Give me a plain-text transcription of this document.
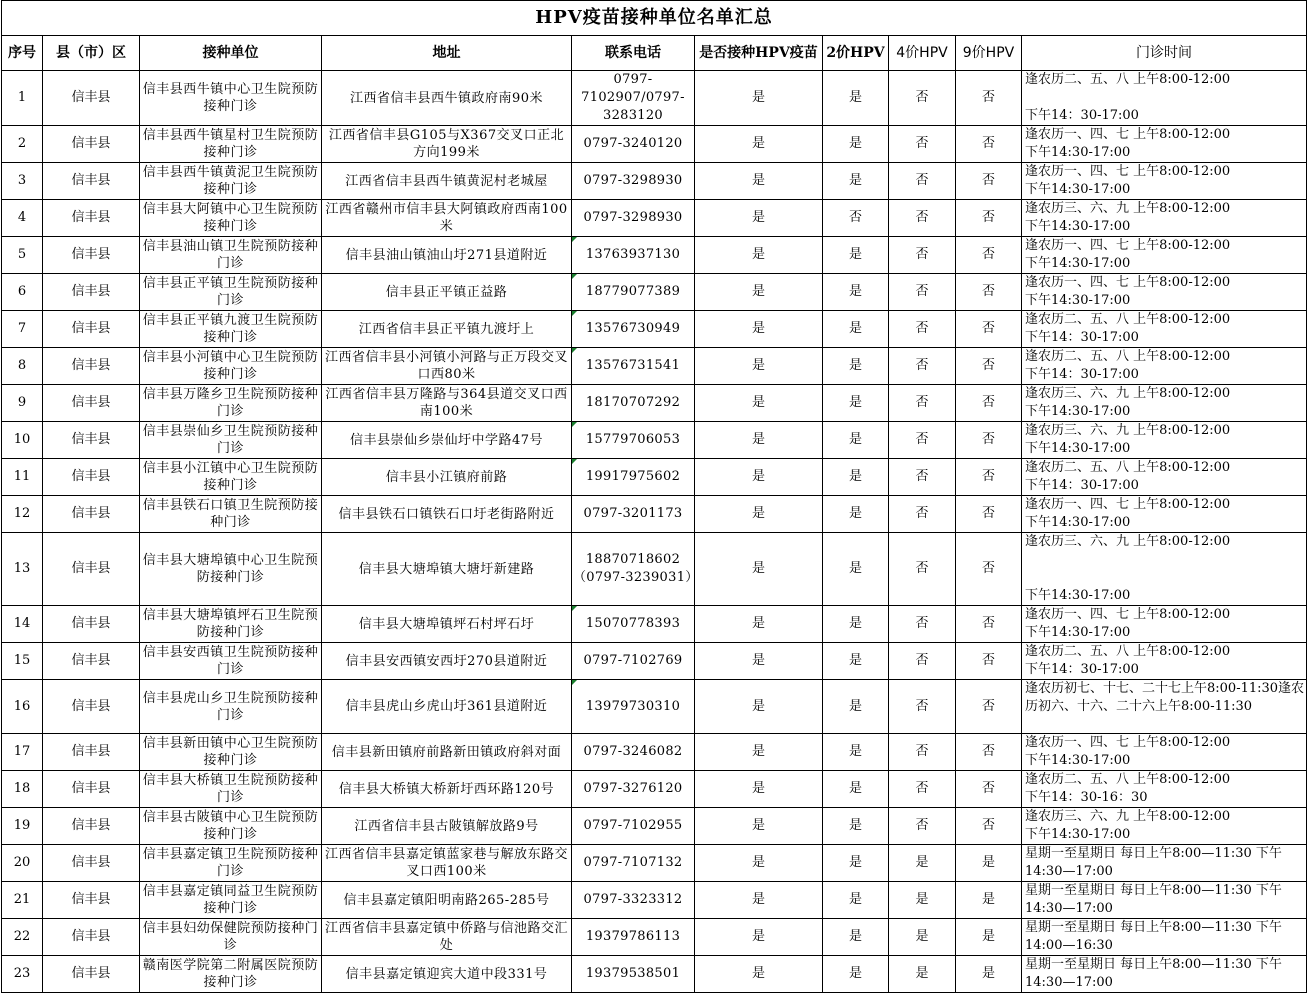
HPV疫苗接种单位名单汇总									
序号	县（市）区	接种单位	地址	联系电话	是否接种HPV疫苗	2价HPV	4价HPV	9价HPV	门诊时间
1	信丰县	信丰县西牛镇中心卫生院预防接种门诊	江西省信丰县西牛镇政府南90米	0797-7102907/0797-3283120	是	是	否	否	逢农历二、五、八 上午8:00-12:00

下午14：30-17:00
2	信丰县	信丰县西牛镇星村卫生院预防接种门诊	江西省信丰县G105与X367交叉口正北方向199米	0797-3240120	是	是	否	否	逢农历一、四、七 上午8:00-12:00
下午14:30-17:00
3	信丰县	信丰县西牛镇黄泥卫生院预防接种门诊	江西省信丰县西牛镇黄泥村老城屋	0797-3298930	是	是	否	否	逢农历一、四、七 上午8:00-12:00
下午14:30-17:00
4	信丰县	信丰县大阿镇中心卫生院预防接种门诊	江西省赣州市信丰县大阿镇政府西南100米	0797-3298930	是	否	否	否	逢农历三、六、九 上午8:00-12:00
下午14:30-17:00
5	信丰县	信丰县油山镇卫生院预防接种门诊	信丰县油山镇油山圩271县道附近	13763937130	是	是	否	否	逢农历一、四、七 上午8:00-12:00
下午14:30-17:00
6	信丰县	信丰县正平镇卫生院预防接种门诊	信丰县正平镇正益路	18779077389	是	是	否	否	逢农历一、四、七 上午8:00-12:00
下午14:30-17:00
7	信丰县	信丰县正平镇九渡卫生院预防接种门诊	江西省信丰县正平镇九渡圩上	13576730949	是	是	否	否	逢农历二、五、八 上午8:00-12:00
下午14：30-17:00
8	信丰县	信丰县小河镇中心卫生院预防接种门诊	江西省信丰县小河镇小河路与正万段交叉口西80米	13576731541	是	是	否	否	逢农历二、五、八 上午8:00-12:00
下午14：30-17:00
9	信丰县	信丰县万隆乡卫生院预防接种门诊	江西省信丰县万隆路与364县道交叉口西南100米	18170707292	是	是	否	否	逢农历三、六、九 上午8:00-12:00
下午14:30-17:00
10	信丰县	信丰县崇仙乡卫生院预防接种门诊	信丰县崇仙乡崇仙圩中学路47号	15779706053	是	是	否	否	逢农历三、六、九 上午8:00-12:00
下午14:30-17:00
11	信丰县	信丰县小江镇中心卫生院预防接种门诊	信丰县小江镇府前路	19917975602	是	是	否	否	逢农历二、五、八 上午8:00-12:00
下午14：30-17:00
12	信丰县	信丰县铁石口镇卫生院预防接种门诊	信丰县铁石口镇铁石口圩老街路附近	0797-3201173	是	是	否	否	逢农历一、四、七 上午8:00-12:00
下午14:30-17:00
13	信丰县	信丰县大塘埠镇中心卫生院预防接种门诊	信丰县大塘埠镇大塘圩新建路	18870718602（0797-3239031）	是	是	否	否	逢农历三、六、九 上午8:00-12:00

下午14:30-17:00
14	信丰县	信丰县大塘埠镇坪石卫生院预防接种门诊	信丰县大塘埠镇坪石村坪石圩	15070778393	是	是	否	否	逢农历一、四、七 上午8:00-12:00
下午14:30-17:00
15	信丰县	信丰县安西镇卫生院预防接种门诊	信丰县安西镇安西圩270县道附近	0797-7102769	是	是	否	否	逢农历二、五、八 上午8:00-12:00
下午14：30-17:00
16	信丰县	信丰县虎山乡卫生院预防接种门诊	信丰县虎山乡虎山圩361县道附近	13979730310	是	是	否	否	逢农历初七、十七、二十七上午8:00-11:30逢农历初六、十六、二十六上午8:00-11:30
17	信丰县	信丰县新田镇中心卫生院预防接种门诊	信丰县新田镇府前路新田镇政府斜对面	0797-3246082	是	是	否	否	逢农历一、四、七 上午8:00-12:00
下午14:30-17:00
18	信丰县	信丰县大桥镇卫生院预防接种门诊	信丰县大桥镇大桥新圩西环路120号	0797-3276120	是	是	否	否	逢农历二、五、八 上午8:00-12:00
下午14：30-16：30
19	信丰县	信丰县古陂镇中心卫生院预防接种门诊	江西省信丰县古陂镇解放路9号	0797-7102955	是	是	否	否	逢农历三、六、九 上午8:00-12:00
下午14:30-17:00
20	信丰县	信丰县嘉定镇卫生院预防接种门诊	江西省信丰县嘉定镇蓝家巷与解放东路交叉口西100米	0797-7107132	是	是	是	是	星期一至星期日 每日上午8:00—11:30 下午14:30—17:00
21	信丰县	信丰县嘉定镇同益卫生院预防接种门诊	信丰县嘉定镇阳明南路265-285号	0797-3323312	是	是	是	是	星期一至星期日 每日上午8:00—11:30 下午14:30—17:00
22	信丰县	信丰县妇幼保健院预防接种门诊	江西省信丰县嘉定镇中侨路与信池路交汇处	19379786113	是	是	是	是	星期一至星期日 每日上午8:00—11:30 下午14:00—16:30
23	信丰县	赣南医学院第二附属医院预防接种门诊	信丰县嘉定镇迎宾大道中段331号	19379538501	是	是	是	是	星期一至星期日 每日上午8:00—11:30 下午14:30—17:00
